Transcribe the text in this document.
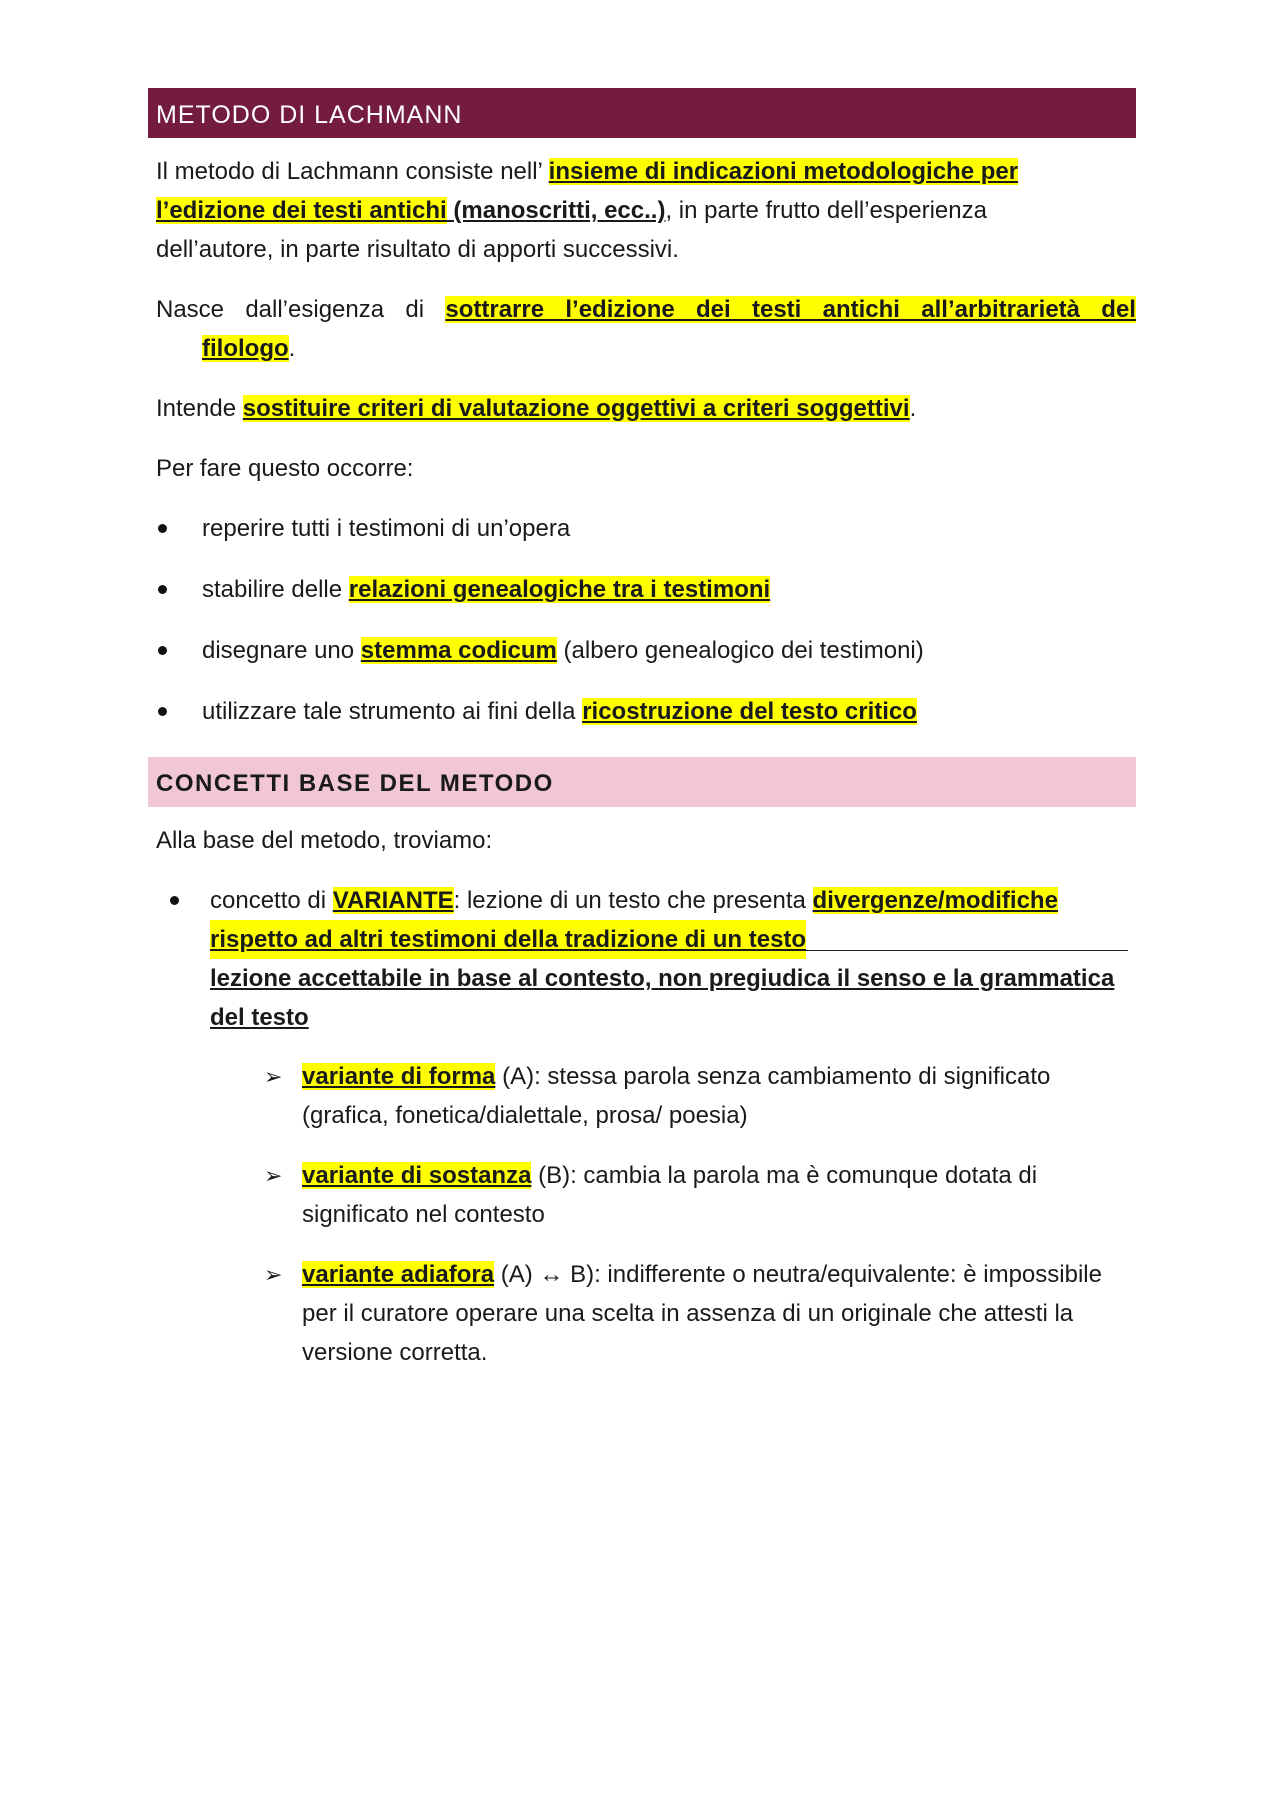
METODO DI LACHMANN

Il metodo di Lachmann consiste nell’ insieme di indicazioni metodologiche per
l’edizione dei testi antichi (manoscritti, ecc..), in parte frutto dell’esperienza
dell’autore, in parte risultato di apporti successivi.

Nasce dall’esigenza di sottrarre l’edizione dei testi antichi all’arbitrarietà del

filologo.

Intende sostituire criteri di valutazione oggettivi a criteri soggettivi.

Per fare questo occorre:

reperire tutti i testimoni di un’opera
stabilire delle relazioni genealogiche tra i testimoni
disegnare uno stemma codicum (albero genealogico dei testimoni)
utilizzare tale strumento ai fini della ricostruzione del testo critico
CONCETTI BASE DEL METODO

Alla base del metodo, troviamo:

concetto di VARIANTE: lezione di un testo che presenta divergenze/modifiche
rispetto ad altri testimoni della tradizione di un testo
lezione accettabile in base al contesto, non pregiudica il senso e la grammatica
del testo
➢ variante di forma (A): stessa parola senza cambiamento di significato (grafica, fonetica/dialettale, prosa/ poesia)
➢ variante di sostanza (B): cambia la parola ma è comunque dotata di significato nel contesto
➢ variante adiafora (A) ↔ B): indifferente o neutra/equivalente: è impossibile per il curatore operare una scelta in assenza di un originale che attesti la versione corretta.
